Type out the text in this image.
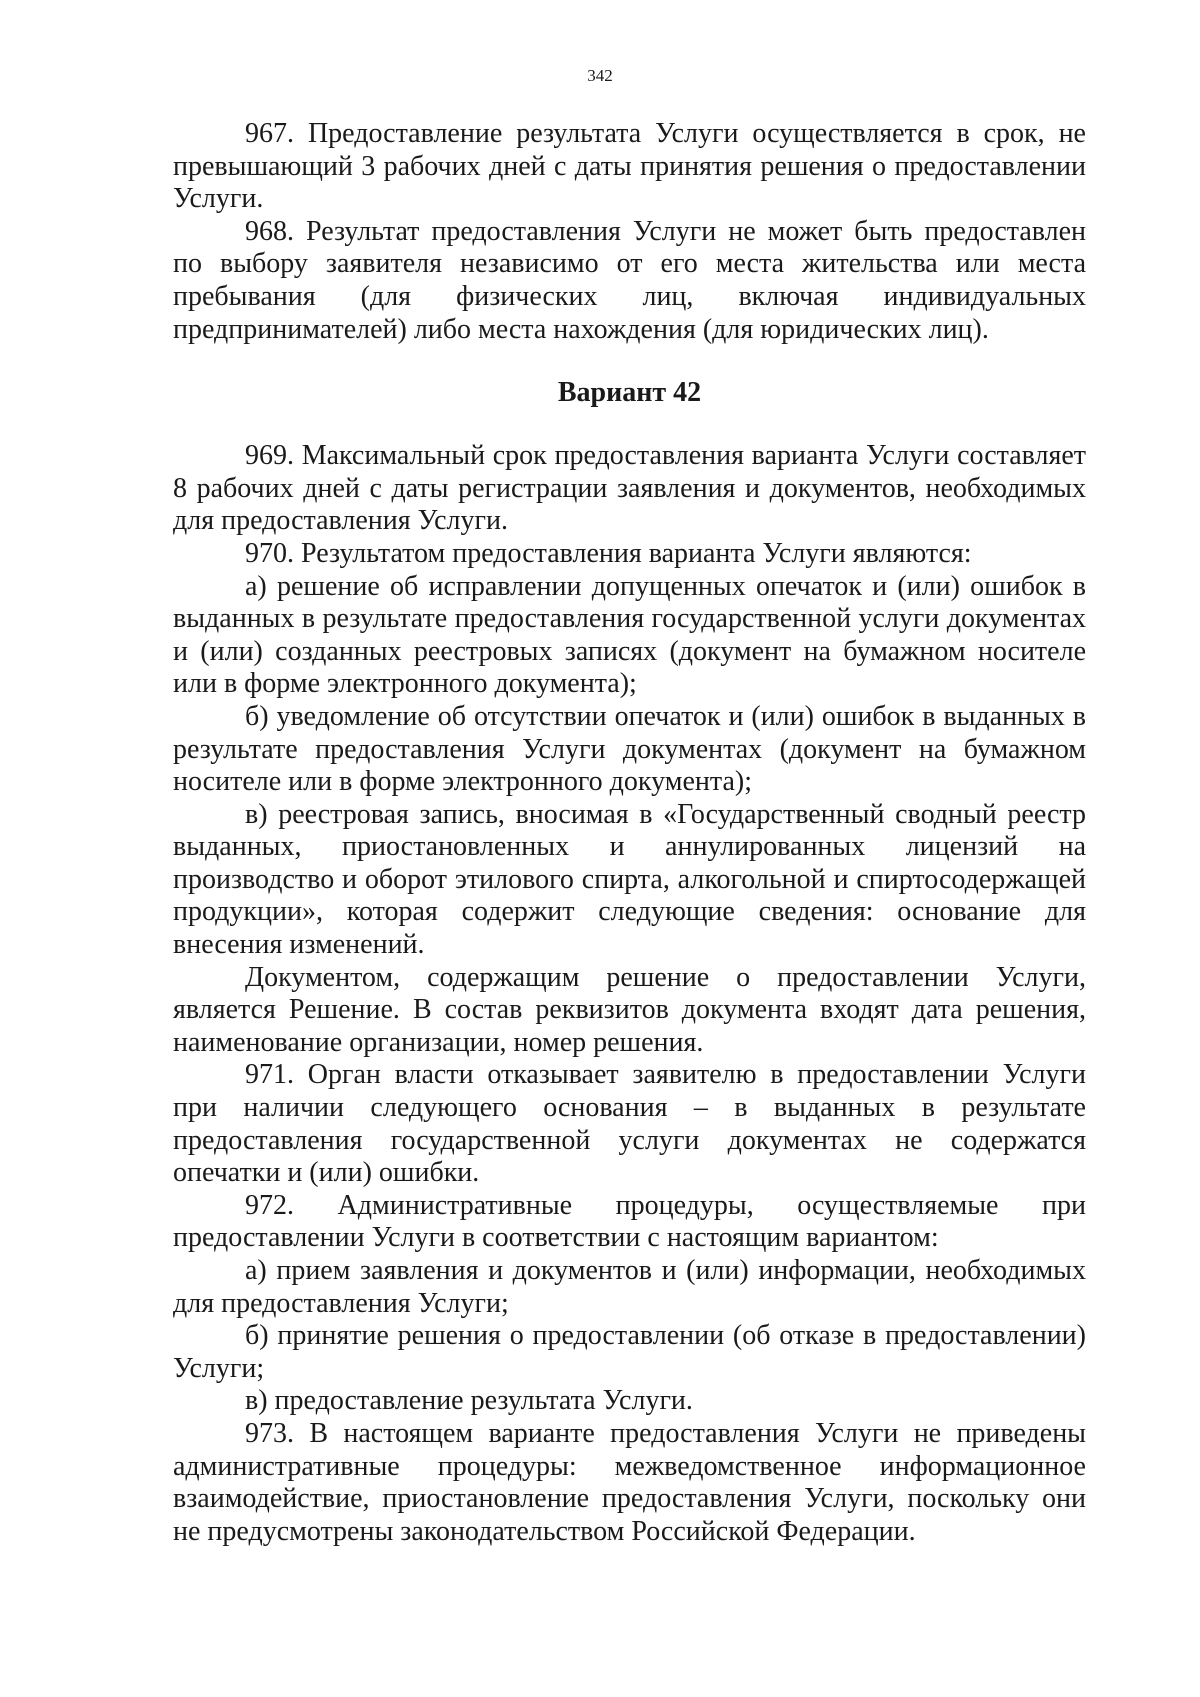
342

967. Предоставление результата Услуги осуществляется в срок, не превышающий 3 рабочих дней с даты принятия решения о предоставлении Услуги.

968. Результат предоставления Услуги не может быть предоставлен по выбору заявителя независимо от его места жительства или места пребывания (для физических лиц, включая индивидуальных предпринимателей) либо места нахождения (для юридических лиц).

Вариант 42

969. Максимальный срок предоставления варианта Услуги составляет 8 рабочих дней с даты регистрации заявления и документов, необходимых для предоставления Услуги.

970. Результатом предоставления варианта Услуги являются:

а) решение об исправлении допущенных опечаток и (или) ошибок в выданных в результате предоставления государственной услуги документах и (или) созданных реестровых записях (документ на бумажном носителе или в форме электронного документа);

б) уведомление об отсутствии опечаток и (или) ошибок в выданных в результате предоставления Услуги документах (документ на бумажном носителе или в форме электронного документа);

в) реестровая запись, вносимая в «Государственный сводный реестр выданных, приостановленных и аннулированных лицензий на производство и оборот этилового спирта, алкогольной и спиртосодержащей продукции», которая содержит следующие сведения: основание для внесения изменений.

Документом, содержащим решение о предоставлении Услуги, является Решение. В состав реквизитов документа входят дата решения, наименование организации, номер решения.

971. Орган власти отказывает заявителю в предоставлении Услуги при наличии следующего основания – в выданных в результате предоставления государственной услуги документах не содержатся опечатки и (или) ошибки.

972. Административные процедуры, осуществляемые при предоставлении Услуги в соответствии с настоящим вариантом:

а) прием заявления и документов и (или) информации, необходимых для предоставления Услуги;

б) принятие решения о предоставлении (об отказе в предоставлении) Услуги;

в) предоставление результата Услуги.

973. В настоящем варианте предоставления Услуги не приведены административные процедуры: межведомственное информационное взаимодействие, приостановление предоставления Услуги, поскольку они не предусмотрены законодательством Российской Федерации.
